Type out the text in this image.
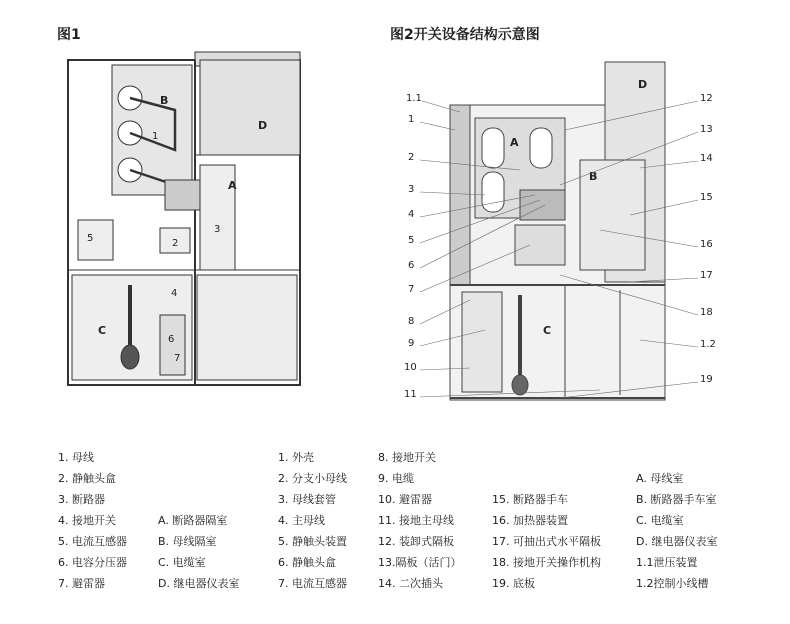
图1	图2开关设备结构示意图
B
1
D
A
5	2
3
4
C
6
7
A
B
C
D
1.1
1
2
3
4
5
6
7
8
9
10
11
12
13
14
15
16
17
18
1.2
19
1. 母线
2. 静触头盒
3. 断路器
4. 接地开关
5. 电流互感器
6. 电容分压器
7. 避雷器
A. 断路器隔室
B. 母线隔室
C. 电缆室
D. 继电器仪表室
1. 外壳
2. 分支小母线
3. 母线套管
4. 主母线
5. 静触头装置
6. 静触头盒
7. 电流互感器
8. 接地开关
9. 电缆
10. 避雷器
11. 接地主母线
12. 装卸式隔板
13.隔板（活门）
14. 二次插头
15. 断路器手车
16. 加热器装置
17. 可抽出式水平隔板
18. 接地开关操作机构
19. 底板
A. 母线室
B. 断路器手车室
C. 电缆室
D. 继电器仪表室
1.1泄压装置
1.2控制小线槽
